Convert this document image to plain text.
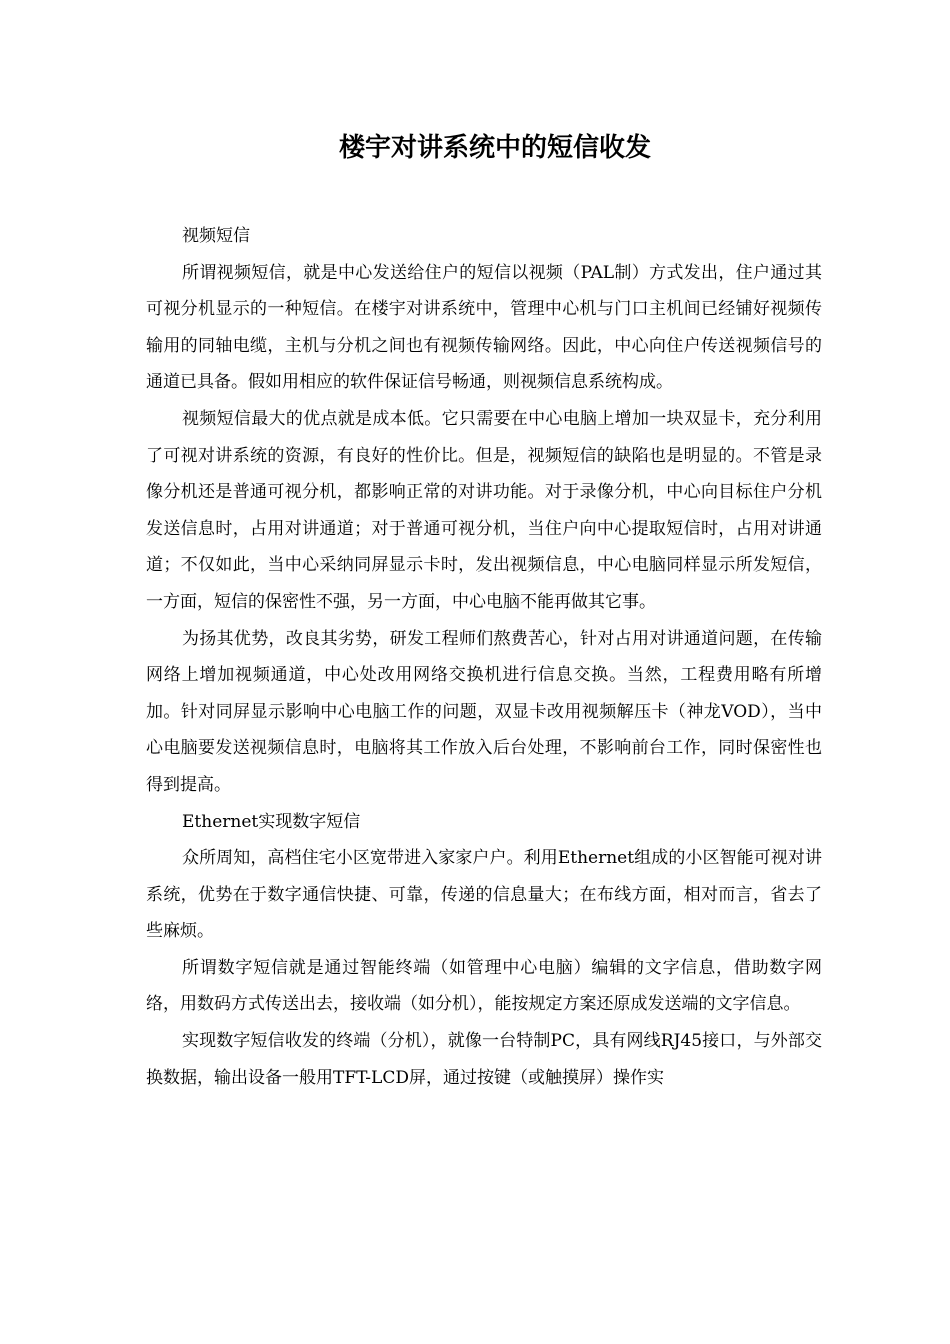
楼宇对讲系统中的短信收发

视频短信

所谓视频短信，就是中心发送给住户的短信以视频（PAL制）方式发出，住户通过其可视分机显示的一种短信。在楼宇对讲系统中，管理中心机与门口主机间已经铺好视频传输用的同轴电缆，主机与分机之间也有视频传输网络。因此，中心向住户传送视频信号的通道已具备。假如用相应的软件保证信号畅通，则视频信息系统构成。

视频短信最大的优点就是成本低。它只需要在中心电脑上增加一块双显卡，充分利用了可视对讲系统的资源，有良好的性价比。但是，视频短信的缺陷也是明显的。不管是录像分机还是普通可视分机，都影响正常的对讲功能。对于录像分机，中心向目标住户分机发送信息时，占用对讲通道；对于普通可视分机，当住户向中心提取短信时，占用对讲通道；不仅如此，当中心采纳同屏显示卡时，发出视频信息，中心电脑同样显示所发短信，一方面，短信的保密性不强，另一方面，中心电脑不能再做其它事。

为扬其优势，改良其劣势，研发工程师们熬费苦心，针对占用对讲通道问题，在传输网络上增加视频通道，中心处改用网络交换机进行信息交换。当然，工程费用略有所增加。针对同屏显示影响中心电脑工作的问题，双显卡改用视频解压卡（神龙VOD），当中心电脑要发送视频信息时，电脑将其工作放入后台处理，不影响前台工作，同时保密性也得到提高。

Ethernet实现数字短信

众所周知，高档住宅小区宽带进入家家户户。利用Ethernet组成的小区智能可视对讲系统，优势在于数字通信快捷、可靠，传递的信息量大；在布线方面，相对而言，省去了些麻烦。

所谓数字短信就是通过智能终端（如管理中心电脑）编辑的文字信息，借助数字网络，用数码方式传送出去，接收端（如分机），能按规定方案还原成发送端的文字信息。

实现数字短信收发的终端（分机），就像一台特制PC，具有网线RJ45接口，与外部交换数据，输出设备一般用TFT-LCD屏，通过按键（或触摸屏）操作实
